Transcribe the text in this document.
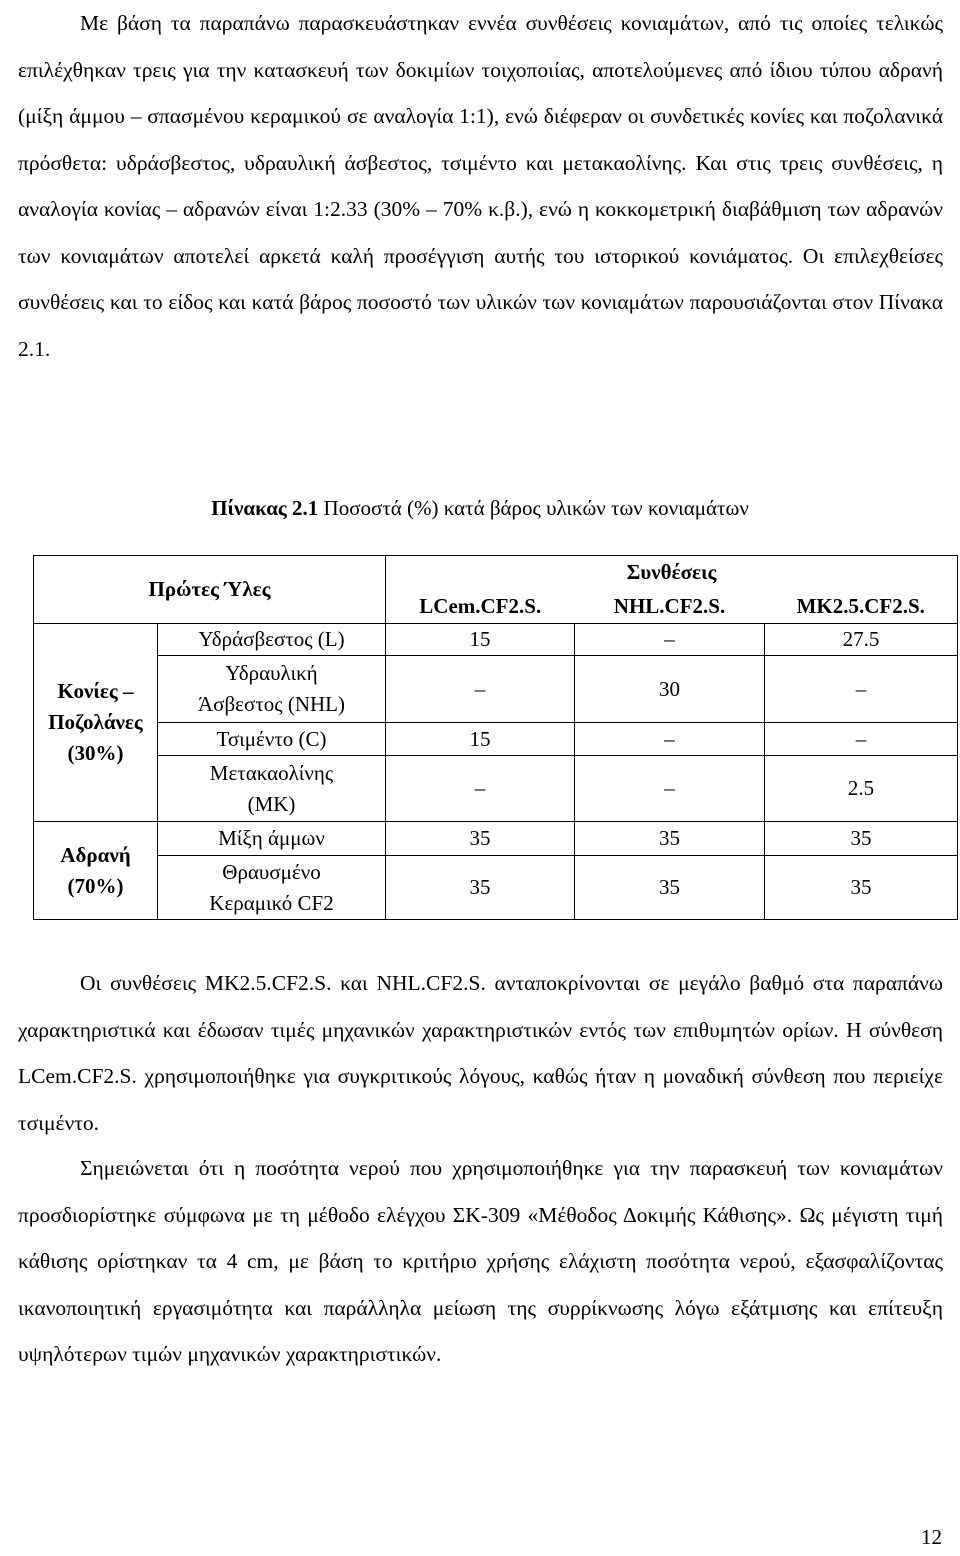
Με βάση τα παραπάνω παρασκευάστηκαν εννέα συνθέσεις κονιαμάτων, από τις οποίες τελικώς επιλέχθηκαν τρεις για την κατασκευή των δοκιμίων τοιχοποιίας, αποτελούμενες από ίδιου τύπου αδρανή (μίξη άμμου – σπασμένου κεραμικού σε αναλογία 1:1), ενώ διέφεραν οι συνδετικές κονίες και ποζολανικά πρόσθετα: υδράσβεστος, υδραυλική άσβεστος, τσιμέντο και μετακαολίνης. Και στις τρεις συνθέσεις, η αναλογία κονίας – αδρανών είναι 1:2.33 (30% – 70% κ.β.), ενώ η κοκκομετρική διαβάθμιση των αδρανών των κονιαμάτων αποτελεί αρκετά καλή προσέγγιση αυτής του ιστορικού κονιάματος. Οι επιλεχθείσες συνθέσεις και το είδος και κατά βάρος ποσοστό των υλικών των κονιαμάτων παρουσιάζονται στον Πίνακα 2.1.

Πίνακας 2.1 Ποσοστά (%) κατά βάρος υλικών των κονιαμάτων
Πρώτες Ύλες		Συνθέσεις		
		LCem.CF2.S.	NHL.CF2.S.	ΜΚ2.5.CF2.S.

Κονίες –
Ποζολάνες
(30%)	Υδράσβεστος (L)	15	–	27.5

	Υδραυλική
Άσβεστος (NHL)	–	30	–

	Τσιμέντο (C)	15	–	–

	Μετακαολίνης
(ΜΚ)	–	–	2.5

Αδρανή
(70%)	Μίξη άμμων	35	35	35

	Θραυσμένο
Κεραμικό CF2	35	35	35

Οι συνθέσεις ΜΚ2.5.CF2.S. και NHL.CF2.S. ανταποκρίνονται σε μεγάλο βαθμό στα παραπάνω χαρακτηριστικά και έδωσαν τιμές μηχανικών χαρακτηριστικών εντός των επιθυμητών ορίων. Η σύνθεση LCem.CF2.S. χρησιμοποιήθηκε για συγκριτικούς λόγους, καθώς ήταν η μοναδική σύνθεση που περιείχε τσιμέντο.

Σημειώνεται ότι η ποσότητα νερού που χρησιμοποιήθηκε για την παρασκευή των κονιαμάτων προσδιορίστηκε σύμφωνα με τη μέθοδο ελέγχου ΣΚ-309 «Μέθοδος Δοκιμής Κάθισης». Ως μέγιστη τιμή κάθισης ορίστηκαν τα 4 cm, με βάση το κριτήριο χρήσης ελάχιστη ποσότητα νερού, εξασφαλίζοντας ικανοποιητική εργασιμότητα και παράλληλα μείωση της συρρίκνωσης λόγω εξάτμισης και επίτευξη υψηλότερων τιμών μηχανικών χαρακτηριστικών.

12
